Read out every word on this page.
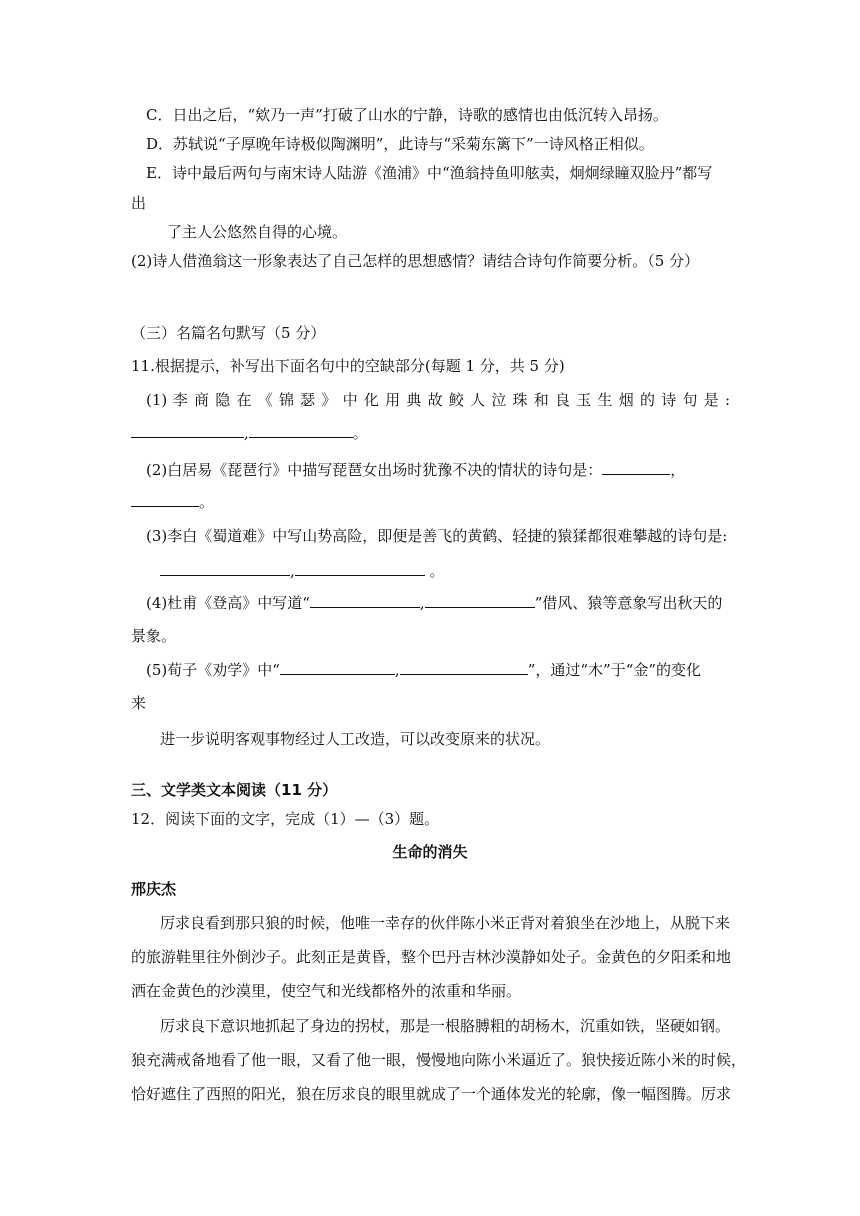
C．日出之后，“欸乃一声”打破了山水的宁静，诗歌的感情也由低沉转入昂扬。
D．苏轼说“子厚晚年诗极似陶渊明”，此诗与“采菊东篱下”一诗风格正相似。
E．诗中最后两句与南宋诗人陆游《渔浦》中“渔翁持鱼叩舷卖，炯炯绿瞳双脸丹”都写
出
了主人公悠然自得的心境。
(2)诗人借渔翁这一形象表达了自己怎样的思想感情？请结合诗句作简要分析。（5 分）
（三）名篇名句默写（5 分）
11.根据提示，补写出下面名句中的空缺部分(每题 1 分，共 5 分)
(1) 李 商 隐 在 《 锦 瑟 》 中 化 用 典 故 鲛 人 泣 珠 和 良 玉 生 烟 的 诗 句 是 :
,	。
(2)白居易《琵琶行》中描写琵琶女出场时犹豫不决的情状的诗句是：	，
。
(3)李白《蜀道难》中写山势高险，即便是善飞的黄鹤、轻捷的猿猱都很难攀越的诗句是:
,	。
(4)杜甫《登高》中写道“	,	”借风、猿等意象写出秋天的
景象。
(5)荀子《劝学》中“	,	”，通过“木”于“金”的变化
来
进一步说明客观事物经过人工改造，可以改变原来的状况。
三、文学类文本阅读（11 分）
12．阅读下面的文字，完成（1）—（3）题。
生命的消失
邢庆杰
厉求良看到那只狼的时候，他唯一幸存的伙伴陈小米正背对着狼坐在沙地上，从脱下来
的旅游鞋里往外倒沙子。此刻正是黄昏，整个巴丹吉林沙漠静如处子。金黄色的夕阳柔和地
洒在金黄色的沙漠里，使空气和光线都格外的浓重和华丽。
厉求良下意识地抓起了身边的拐杖，那是一根胳膊粗的胡杨木，沉重如铁，坚硬如钢。
狼充满戒备地看了他一眼，又看了他一眼，慢慢地向陈小米逼近了。狼快接近陈小米的时候，
恰好遮住了西照的阳光，狼在厉求良的眼里就成了一个通体发光的轮廓，像一幅图腾。厉求
